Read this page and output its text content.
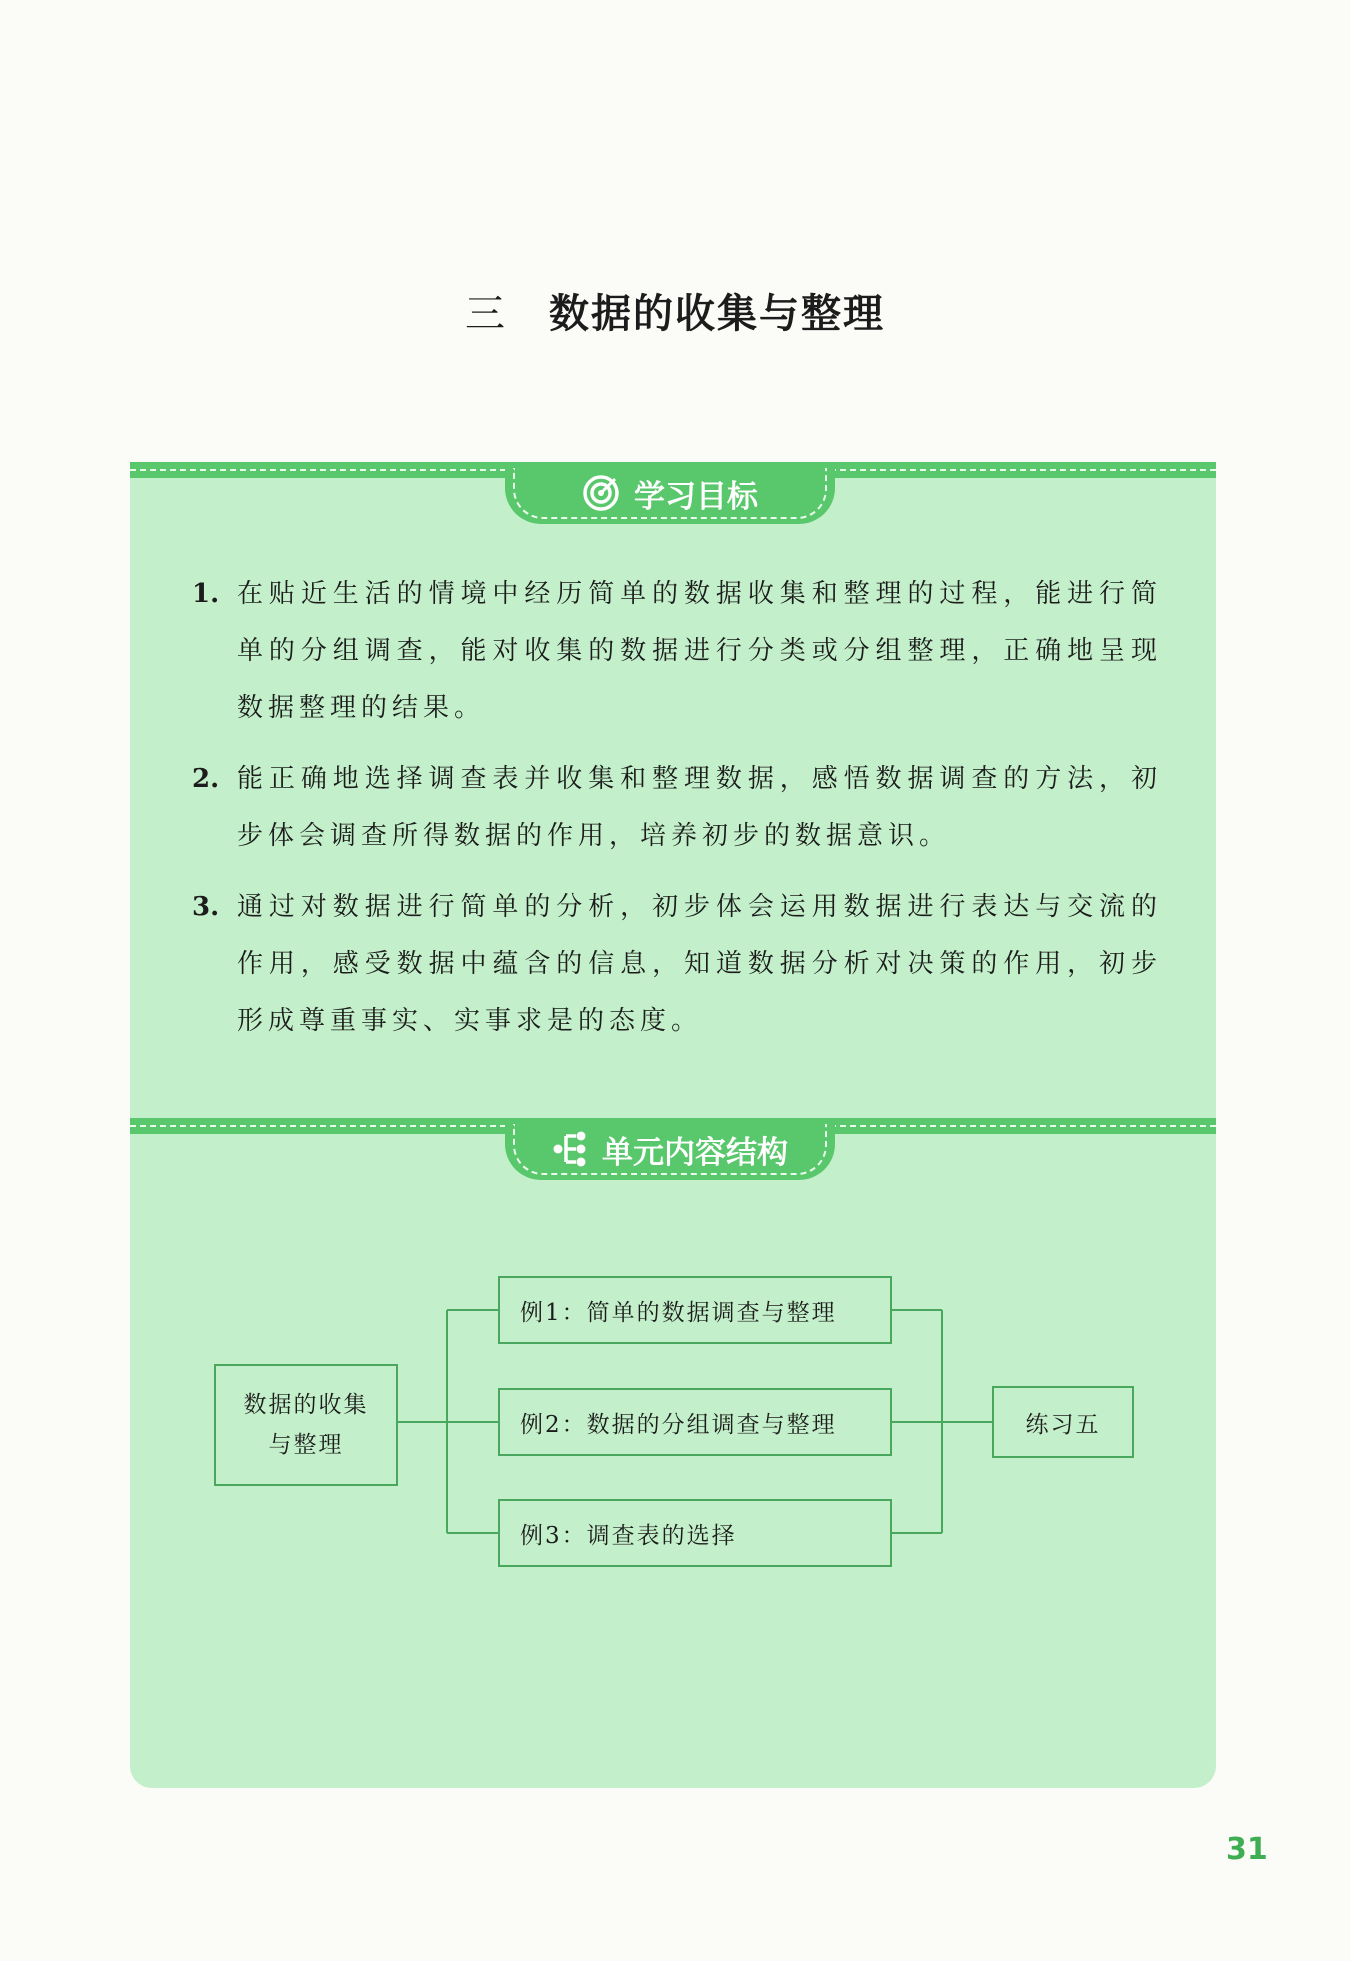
三 数据的收集与整理
学习目标
1. 在贴近生活的情境中经历简单的数据收集和整理的过程，能进行简单的分组调查，能对收集的数据进行分类或分组整理，正确地呈现数据整理的结果。
2. 能正确地选择调查表并收集和整理数据，感悟数据调查的方法，初步体会调查所得数据的作用，培养初步的数据意识。
3. 通过对数据进行简单的分析，初步体会运用数据进行表达与交流的作用，感受数据中蕴含的信息，知道数据分析对决策的作用，初步形成尊重事实、实事求是的态度。
单元内容结构
数据的收集与整理
例1：简单的数据调查与整理
例2：数据的分组调查与整理
例3：调查表的选择
练习五
31
